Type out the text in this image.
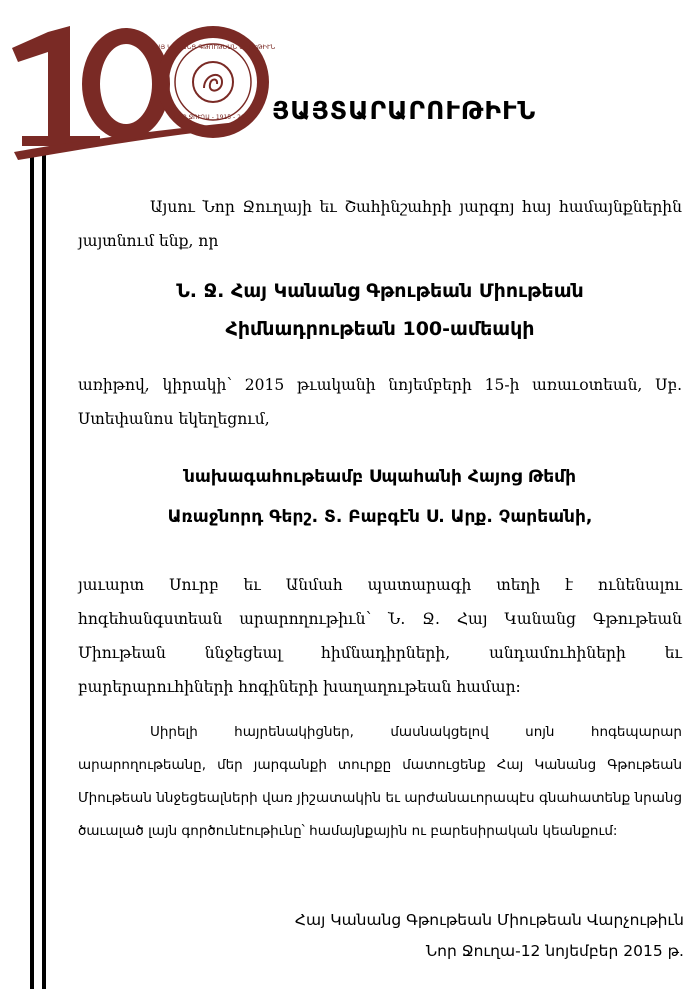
ՀԱՅ ԿԱՆԱՆՑ ԳԹՈՒԹԵԱՆ ՄԻՈՒԹԻՒՆ
ՆՈՐ ՋՈՒՂԱ - 1915 - 2015 ՅԱՅՏԱՐԱՐՈՒԹԻՒՆ
Այսու Նոր Ջուղայի եւ Շահինշահրի յարգոյ հայ համայնքներին յայտնում ենք, որ
Ն. Ջ. Հայ Կանանց Գթութեան Միութեան
Հիմնադրութեան 100-ամեակի
առիթով, կիրակի՝ 2015 թւականի նոյեմբերի 15-ի առաւօտեան, Սբ. Ստեփանոս եկեղեցում,
նախագահութեամբ Սպահանի Հայոց Թեմի
Առաջնորդ Գերշ. Տ. Բաբգէն Ս. Արք. Չարեանի,
յաւարտ Սուրբ եւ Անմահ պատարագի տեղի է ունենալու հոգեհանգստեան արարողութիւն՝ Ն. Ջ. Հայ Կանանց Գթութեան Միութեան ննջեցեալ հիմնադիրների, անդամուհիների եւ բարերարուհիների հոգիների խաղաղութեան համար:
Սիրելի հայրենակիցներ, մասնակցելով սոյն հոգեպարար արարողութեանը, մեր յարգանքի տուրքը մատուցենք Հայ Կանանց Գթութեան Միութեան ննջեցեալների վառ յիշատակին եւ արժանաւորապէս գնահատենք նրանց ծաւալած լայն գործունէութիւնը՝ համայնքային ու բարեսիրական կեանքում:
Հայ Կանանց Գթութեան Միութեան Վարչութիւն
Նոր Ջուղա-12 նոյեմբեր 2015 թ.
